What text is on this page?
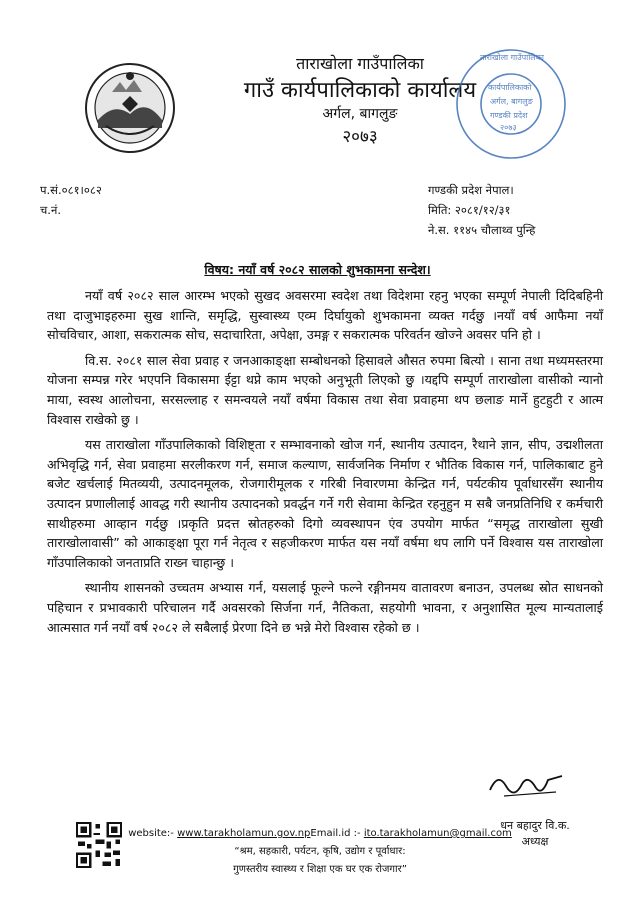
ताराखोला गाउँपालिका
गाउँ कार्यपालिकाको कार्यालय
अर्गल, बागलुङ
२०७३
कार्यपालिकाको
अर्गल, बागलुङ
गण्डकी प्रदेश
२०७३
ताराखोला गाउँपालिका
प.सं.०८१।०८२
च.नं.
गण्डकी प्रदेश नेपाल।
मिति: २०८१/१२/३१
ने.स. ११४५ चौलाथ्व पुन्हि
विषय: नयाँ वर्ष २०८२ सालको शुभकामना सन्देश।

नयाँ वर्ष २०८२ साल आरम्भ भएको सुखद अवसरमा स्वदेश तथा विदेशमा रहनु भएका सम्पूर्ण नेपाली दिदिबहिनी तथा दाजुभाइहरुमा सुख शान्ति, समृद्धि, सुस्वास्थ्य एव्म दिर्घायुको शुभकामना व्यक्त गर्दछु ।नयाँ वर्ष आफैमा नयाँ सोचविचार, आशा, सकरात्मक सोच, सदाचारिता, अपेक्षा, उमङ्ग र सकरात्मक परिवर्तन खोज्ने अवसर पनि हो ।

वि.स. २०८१ साल सेवा प्रवाह र जनआकाङ्क्षा सम्बोधनको हिसावले औसत रुपमा बित्यो । साना तथा मध्यमस्तरमा योजना सम्पन्न गरेर भएपनि विकासमा ईट्टा थप्ने काम भएको अनुभूती लिएको छु ।यद्दपि सम्पूर्ण ताराखोला वासीको न्यानो माया, स्वस्थ आलोचना, सरसल्लाह र समन्वयले नयाँ वर्षमा विकास तथा सेवा प्रवाहमा थप छलाङ मार्ने हुटहुटी र आत्म विश्वास राखेको छु ।

यस ताराखोला गाँउपालिकाको विशिष्ट्ता र सम्भावनाको खोज गर्न, स्थानीय उत्पादन, रैथाने ज्ञान, सीप, उद्मशीलता अभिवृद्धि गर्न, सेवा प्रवाहमा सरलीकरण गर्न, समाज कल्याण, सार्वजनिक निर्माण र भौतिक विकास गर्न, पालिकाबाट हुने बजेट खर्चलाई मितव्ययी, उत्पादनमूलक, रोजगारीमूलक र गरिबी निवारणमा केन्द्रित गर्न, पर्यटकीय पूर्वाधारसँग स्थानीय उत्पादन प्रणालीलाई आवद्ध गरी स्थानीय उत्पादनको प्रवर्द्धन गर्ने गरी सेवामा केन्द्रित रहनुहुन म सबै जनप्रतिनिधि र कर्मचारी साथीहरुमा आव्हान गर्दछु ।प्रकृति प्रदत्त स्रोतहरुको दिगो व्यवस्थापन एंव उपयोग मार्फत “समृद्ध ताराखोला सुखी ताराखोलावासी” को आकाङ्क्षा पूरा गर्न नेतृत्व र सहजीकरण मार्फत यस नयाँ वर्षमा थप लागि पर्ने विश्वास यस ताराखोला गाँउपालिकाको जनताप्रति राख्न चाहान्छु ।

स्थानीय शासनको उच्चतम अभ्यास गर्न, यसलाई फूल्ने फल्ने रङ्गीनमय वातावरण बनाउन, उपलब्ध स्रोत साधनको पहिचान र प्रभावकारी परिचालन गर्दै अवसरको सिर्जना गर्न, नैतिकता, सहयोगी भावना, र अनुशासित मूल्य मान्यतालाई आत्मसात गर्न नयाँ वर्ष २०८२ ले सबैलाई प्रेरणा दिने छ भन्ने मेरो विश्वास रहेको छ ।

धन बहादुर वि.क.
अध्यक्ष
website:- www.tarakholamun.gov.npEmail.id :- ito.tarakholamun@gmail.com
“श्रम, सहकारी, पर्यटन, कृषि, उद्योग र पूर्वाधार:
गुणस्तरीय स्वास्थ्य र शिक्षा एक घर एक रोजगार”
